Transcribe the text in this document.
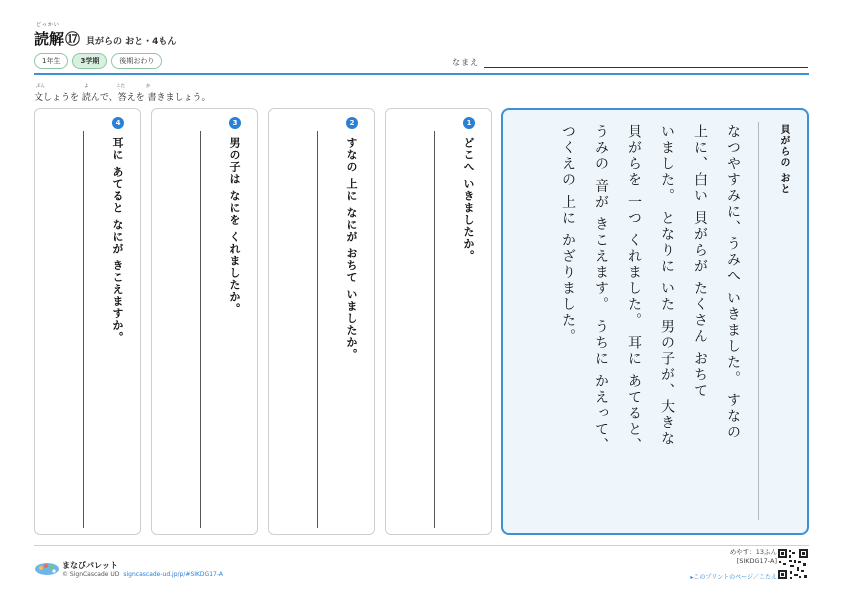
どっかい
読解 ⑰ 貝がらの おと・4もん
1年生	3学期	後期おわり	なまえ
ぶん	よ	こた	か
文しょうを 読んで、答えを 書きましょう。
1
どこへ いきましたか。
2
すなの 上に なにが おちて いましたか。
3
男の子は なにを くれましたか。
4
耳に あてると なにが きこえますか。	貝がらの おと

なつやすみに、うみへ いきました。 すなの

上に、白い 貝がらが たくさん おちて

いました。 となりに いた 男の子が、大きな

貝がらを 一つ くれました。 耳に あてると、

うみの 音が きこえます。 うちに かえって、

つくえの 上に かざりました。

まなびパレット
© SignCascade UD signcascade-ud.jp/p/#SIKDG17-A
めやす：13ふん
[SIKDG17-A]
▸このプリントのページ／こたえ
